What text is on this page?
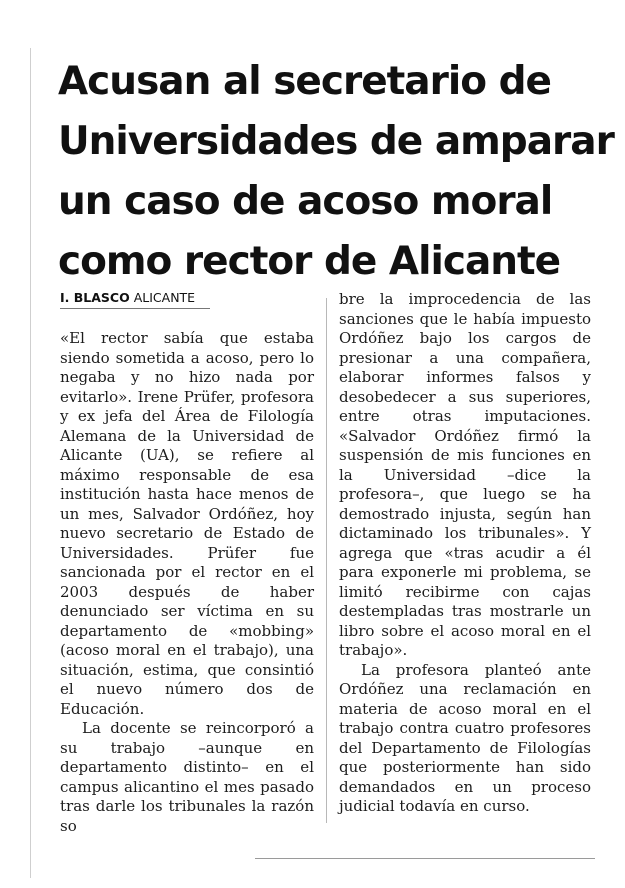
Acusan al secretario de
Universidades de amparar
un caso de acoso moral
como rector de Alicante
I. BLASCO ALICANTE

«El rector sabía que estaba siendo sometida a acoso, pero lo negaba y no hizo nada por evitarlo». Irene Prüfer, profesora y ex jefa del Área de Filología Alemana de la Universidad de Alicante (UA), se refiere al máximo responsable de esa institución hasta hace menos de un mes, Salvador Ordóñez, hoy nuevo secretario de Estado de Universidades. Prüfer fue sancionada por el rector en el 2003 después de haber denunciado ser víctima en su departamento de «mobbing» (acoso moral en el trabajo), una situación, estima, que consintió el nuevo número dos de Educación.

La docente se reincorporó a su trabajo –aunque en departamento distinto– en el campus alicantino el mes pasado tras darle los tribunales la razón so

bre la improcedencia de las sanciones que le había impuesto Ordóñez bajo los cargos de presionar a una compañera, elaborar informes falsos y desobedecer a sus superiores, entre otras imputaciones. «Salvador Ordóñez firmó la suspensión de mis funciones en la Universidad –dice la profesora–, que luego se ha demostrado injusta, según han dictaminado los tribunales». Y agrega que «tras acudir a él para exponerle mi problema, se limitó recibirme con cajas destempladas tras mostrarle un libro sobre el acoso moral en el trabajo».

La profesora planteó ante Ordóñez una reclamación en materia de acoso moral en el trabajo contra cuatro profesores del Departamento de Filologías que posteriormente han sido demandados en un proceso judicial todavía en curso.
